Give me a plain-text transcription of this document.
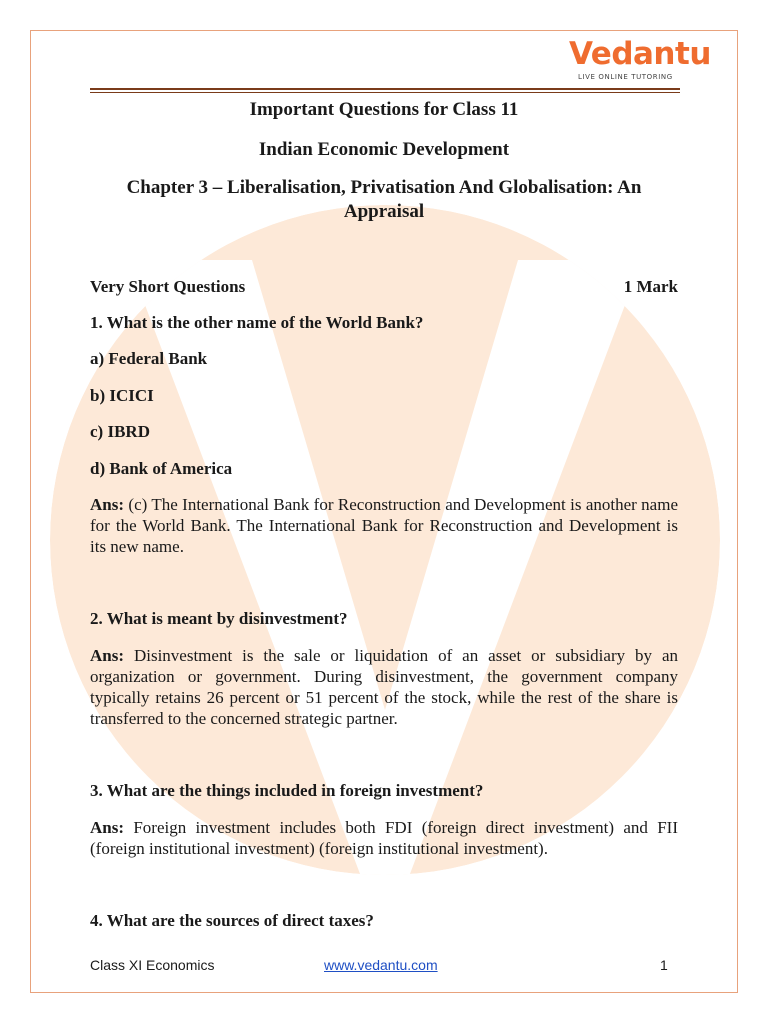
Vedantu
LIVE ONLINE TUTORING
Important Questions for Class 11
Indian Economic Development
Chapter 3 – Liberalisation, Privatisation And Globalisation: An Appraisal
Very Short Questions	1 Mark
1. What is the other name of the World Bank?
a) Federal Bank
b) ICICI
c) IBRD
d) Bank of America
Ans: (c) The International Bank for Reconstruction and Development is another name for the World Bank. The International Bank for Reconstruction and Development is its new name.
2. What is meant by disinvestment?
Ans: Disinvestment is the sale or liquidation of an asset or subsidiary by an organization or government. During disinvestment, the government company typically retains 26 percent or 51 percent of the stock, while the rest of the share is transferred to the concerned strategic partner.
3. What are the things included in foreign investment?
Ans: Foreign investment includes both FDI (foreign direct investment) and FII (foreign institutional investment) (foreign institutional investment).
4. What are the sources of direct taxes?
Class XI Economics	www.vedantu.com	1
